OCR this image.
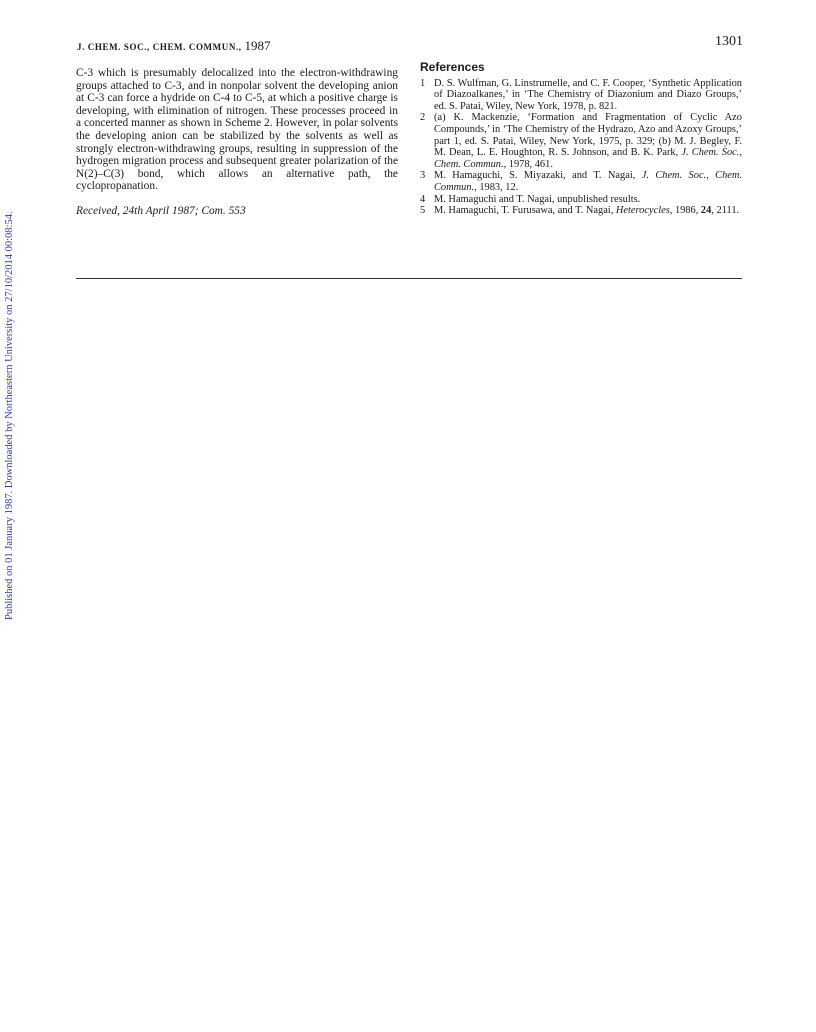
J. CHEM. SOC., CHEM. COMMUN., 1987	1301
Published on 01 January 1987. Downloaded by Northeastern University on 27/10/2014 00:08:54.

C-3 which is presumably delocalized into the electron-withdrawing groups attached to C-3, and in nonpolar solvent the developing anion at C-3 can force a hydride on C-4 to C-5, at which a positive charge is developing, with elimination of nitrogen. These processes proceed in a concerted manner as shown in Scheme 2. However, in polar solvents the developing anion can be stabilized by the solvents as well as strongly electron-withdrawing groups, resulting in suppression of the hydrogen migration process and subsequent greater polarization of the N(2)–C(3) bond, which allows an alternative path, the cyclopropanation.

Received, 24th April 1987; Com. 553

References
1 D. S. Wulfman, G. Linstrumelle, and C. F. Cooper, ‘Synthetic Application of Diazoalkanes,’ in ‘The Chemistry of Diazonium and Diazo Groups,’ ed. S. Patai, Wiley, New York, 1978, p. 821.
2 (a) K. Mackenzie, ‘Formation and Fragmentation of Cyclic Azo Compounds,’ in ‘The Chemistry of the Hydrazo, Azo and Azoxy Groups,’ part 1, ed. S. Patai, Wiley, New York, 1975, p. 329; (b) M. J. Begley, F. M. Dean, L. E. Houghton, R. S. Johnson, and B. K. Park, J. Chem. Soc., Chem. Commun., 1978, 461.
3 M. Hamaguchi, S. Miyazaki, and T. Nagai, J. Chem. Soc., Chem. Commun., 1983, 12.
4 M. Hamaguchi and T. Nagai, unpublished results.
5 M. Hamaguchi, T. Furusawa, and T. Nagai, Heterocycles, 1986, 24, 2111.
